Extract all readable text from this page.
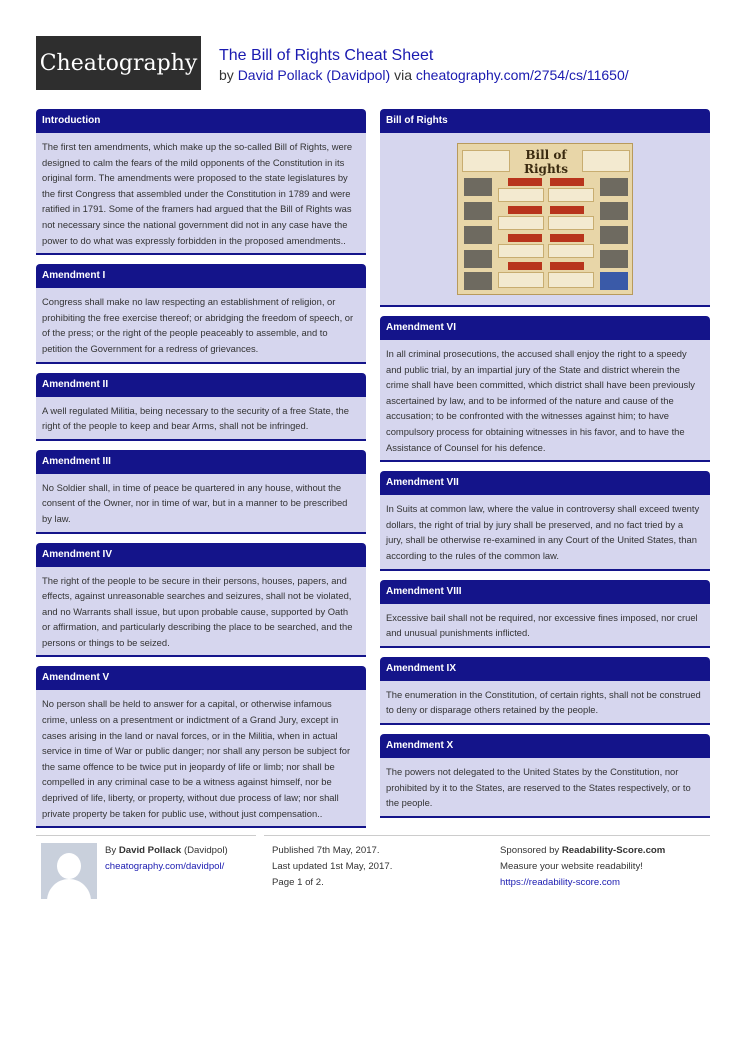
Cheatography The Bill of Rights Cheat Sheet
by David Pollack (Davidpol) via cheatography.com/2754/cs/11650/
Introduction
The first ten amendments, which make up the so-called Bill of Rights, were designed to calm the fears of the mild opponents of the Constitution in its original form. The amendments were proposed to the state legislatures by the first Congress that assembled under the Constitution in 1789 and were ratified in 1791. Some of the framers had argued that the Bill of Rights was not necessary since the national government did not in any case have the power to do what was expressly forbidden in the proposed amendments..
Amendment I
Congress shall make no law respecting an establishment of religion, or prohibiting the free exercise thereof; or abridging the freedom of speech, or of the press; or the right of the people peaceably to assemble, and to petition the Government for a redress of grievances.
Amendment II
A well regulated Militia, being necessary to the security of a free State, the right of the people to keep and bear Arms, shall not be infringed.
Amendment III
No Soldier shall, in time of peace be quartered in any house, without the consent of the Owner, nor in time of war, but in a manner to be prescribed by law.
Amendment IV
The right of the people to be secure in their persons, houses, papers, and effects, against unreasonable searches and seizures, shall not be violated, and no Warrants shall issue, but upon probable cause, supported by Oath or affirmation, and particularly describing the place to be searched, and the persons or things to be seized.
Amendment V
No person shall be held to answer for a capital, or otherwise infamous crime, unless on a presentment or indictment of a Grand Jury, except in cases arising in the land or naval forces, or in the Militia, when in actual service in time of War or public danger; nor shall any person be subject for the same offence to be twice put in jeopardy of life or limb; nor shall be compelled in any criminal case to be a witness against himself, nor be deprived of life, liberty, or property, without due process of law; nor shall private property be taken for public use, without just compensation..
Bill of Rights
Bill of Rights
Amendment VI
In all criminal prosecutions, the accused shall enjoy the right to a speedy and public trial, by an impartial jury of the State and district wherein the crime shall have been committed, which district shall have been previously ascertained by law, and to be informed of the nature and cause of the accusation; to be confronted with the witnesses against him; to have compulsory process for obtaining witnesses in his favor, and to have the Assistance of Counsel for his defence.
Amendment VII
In Suits at common law, where the value in controversy shall exceed twenty dollars, the right of trial by jury shall be preserved, and no fact tried by a jury, shall be otherwise re-examined in any Court of the United States, than according to the rules of the common law.
Amendment VIII
Excessive bail shall not be required, nor excessive fines imposed, nor cruel and unusual punishments inflicted.
Amendment IX
The enumeration in the Constitution, of certain rights, shall not be construed to deny or disparage others retained by the people.
Amendment X
The powers not delegated to the United States by the Constitution, nor prohibited by it to the States, are reserved to the States respectively, or to the people.
By David Pollack (Davidpol)
cheatography.com/davidpol/
Published 7th May, 2017.
Last updated 1st May, 2017.
Page 1 of 2.
Sponsored by Readability-Score.com
Measure your website readability!
https://readability-score.com
